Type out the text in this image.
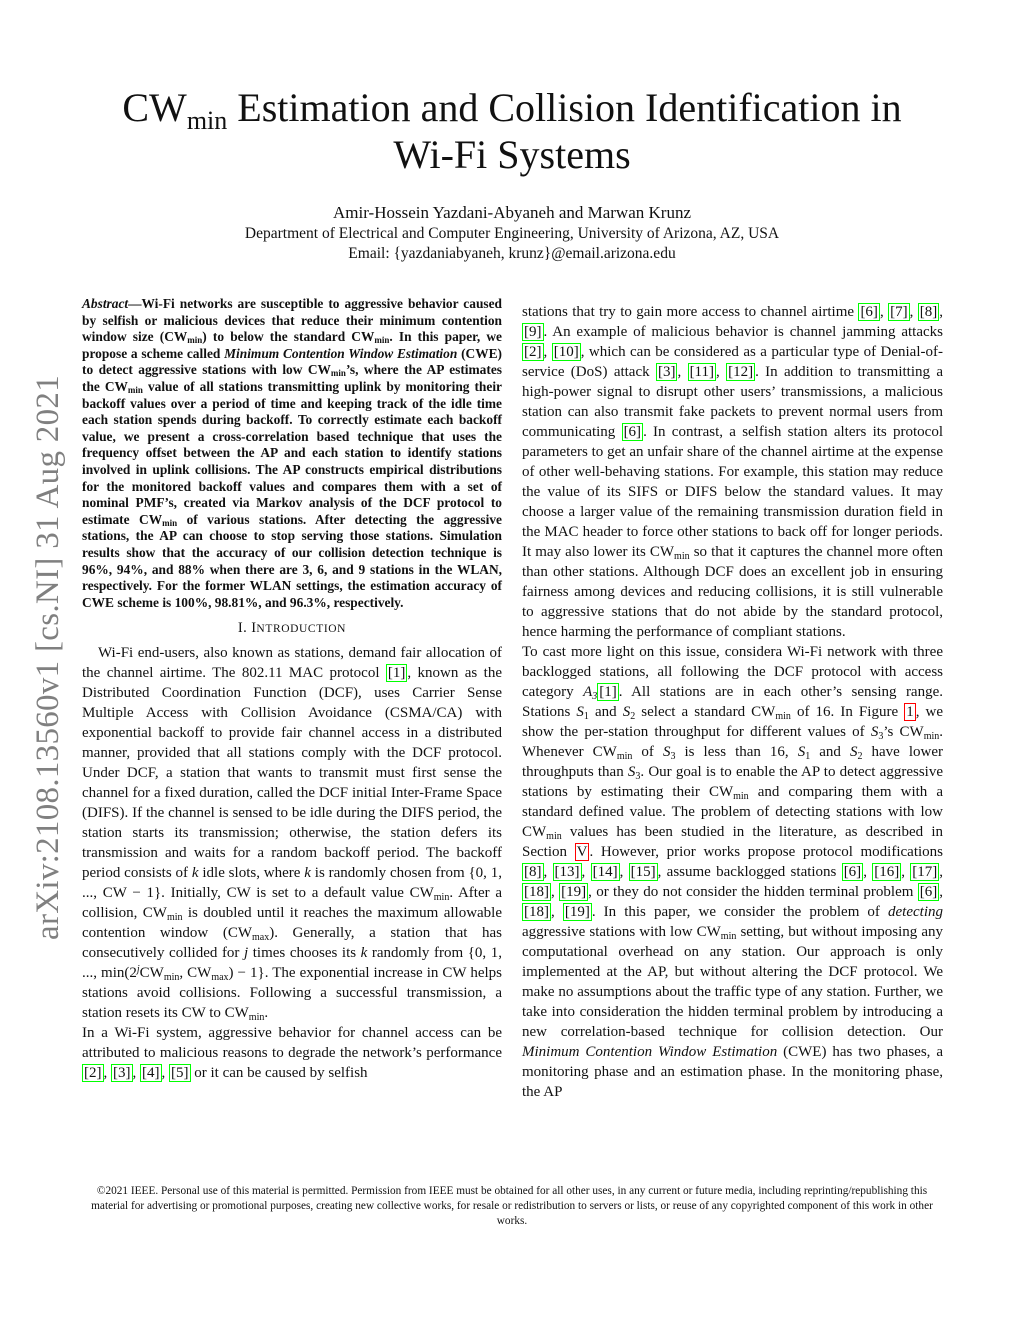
arXiv:2108.13560v1 [cs.NI] 31 Aug 2021
$CW_{min}$ Estimation and Collision Identification in
Wi-Fi Systems
Amir-Hossein Yazdani-Abyaneh and Marwan Krunz
Department of Electrical and Computer Engineering, University of Arizona, AZ, USA
Email: {yazdaniabyaneh, krunz}@email.arizona.edu

Abstract—Wi-Fi networks are susceptible to aggressive behavior caused by selfish or malicious devices that reduce their minimum contention window size $(CW_{min})$ to below the standard $CW_{min}$. In this paper, we propose a scheme called Minimum Contention Window Estimation (CWE) to detect aggressive stations with low $CW_{min}’s$, where the AP estimates the $CW_{min}$ value of all stations transmitting uplink by monitoring their backoff values over a period of time and keeping track of the idle time each station spends during backoff. To correctly estimate each backoff value, we present a cross-correlation based technique that uses the frequency offset between the AP and each station to identify stations involved in uplink collisions. The AP constructs empirical distributions for the monitored backoff values and compares them with a set of nominal PMF’s, created via Markov analysis of the DCF protocol to estimate $CW_{min}$ of various stations. After detecting the aggressive stations, the AP can choose to stop serving those stations. Simulation results show that the accuracy of our collision detection technique is 96%, 94%, and 88% when there are 3, 6, and 9 stations in the WLAN, respectively. For the former WLAN settings, the estimation accuracy of CWE scheme is 100%, 98.81%, and 96.3%, respectively.

I. INTRODUCTION

Wi-Fi end-users, also known as stations, demand fair allocation of the channel airtime. The 802.11 MAC protocol [1] , known as the Distributed Coordination Function (DCF), uses Carrier Sense Multiple Access with Collision Avoidance (CSMA/CA) with exponential backoff to provide fair channel access in a distributed manner, provided that all stations comply with the DCF protocol. Under DCF, a station that wants to transmit must first sense the channel for a fixed duration, called the DCF initial Inter-Frame Space (DIFS). If the channel is sensed to be idle during the DIFS period, the station starts its transmission; otherwise, the station defers its transmission and waits for a random backoff period. The backoff period consists of k idle slots, where k is randomly chosen from {0, 1, ..., CW − 1}. Initially, CW is set to a default value $CW_{min}$. After a collision, $CW_{min}$ is doubled until it reaches the maximum allowable contention window $(CW_{max})$. Generally, a station that has consecutively collided for j times chooses its k randomly from {0, 1, ..., $\min(2^jCW_{min}$, $CW_{max}) - 1$}. The exponential increase in CW helps stations avoid collisions. Following a successful transmission, a station resets its CW to $CW_{min}$.

In a Wi-Fi system, aggressive behavior for channel access can be attributed to malicious reasons to degrade the network’s performance [2] , [3] , [4] , [5] or it can be caused by selfish

stations that try to gain more access to channel airtime [6] , [7] , [8] , [9] . An example of malicious behavior is channel jamming attacks [2] , [10] , which can be considered as a particular type of Denial-of-service (DoS) attack [3] , [11] , [12] . In addition to transmitting a high-power signal to disrupt other users’ transmissions, a malicious station can also transmit fake packets to prevent normal users from communicating [6] . In contrast, a selfish station alters its protocol parameters to get an unfair share of the channel airtime at the expense of other well-behaving stations. For example, this station may reduce the value of its SIFS or DIFS below the standard values. It may choose a larger value of the remaining transmission duration field in the MAC header to force other stations to back off for longer periods. It may also lower its $CW_{min}$ so that it captures the channel more often than other stations. Although DCF does an excellent job in ensuring fairness among devices and reducing collisions, it is still vulnerable to aggressive stations that do not abide by the standard protocol, hence harming the performance of compliant stations.

To cast more light on this issue, considera Wi-Fi network with three backlogged stations, all following the DCF protocol with access category $A_3$ [1] . All stations are in each other’s sensing range. Stations $S_1$ and $S_2$ select a standard $CW_{min}$ of 16. In Figure 1 , we show the per-station throughput for different values of $S_3’s$ $CW_{min}$. Whenever $CW_{min}$ of $S_3$ is less than 16, $S_1$ and $S_2$ have lower throughputs than $S_3$. Our goal is to enable the AP to detect aggressive stations by estimating their $CW_{min}$ and comparing them with a standard defined value. The problem of detecting stations with low $CW_{min}$ values has been studied in the literature, as described in Section V . However, prior works propose protocol modifications [8] , [13] , [14] , [15] , assume backlogged stations [6] , [16] , [17] , [18] , [19] , or they do not consider the hidden terminal problem [6] , [18] , [19] . In this paper, we consider the problem of detecting aggressive stations with low $CW_{min}$ setting, but without imposing any computational overhead on any station. Our approach is only implemented at the AP, but without altering the DCF protocol. We make no assumptions about the traffic type of any station. Further, we take into consideration the hidden terminal problem by introducing a new correlation-based technique for collision detection. Our Minimum Contention Window Estimation (CWE) has two phases, a monitoring phase and an estimation phase. In the monitoring phase, the AP

©2021 IEEE. Personal use of this material is permitted. Permission from IEEE must be obtained for all other uses, in any current or future media, including reprinting/republishing this material for advertising or promotional purposes, creating new collective works, for resale or redistribution to servers or lists, or reuse of any copyrighted component of this work in other works.
